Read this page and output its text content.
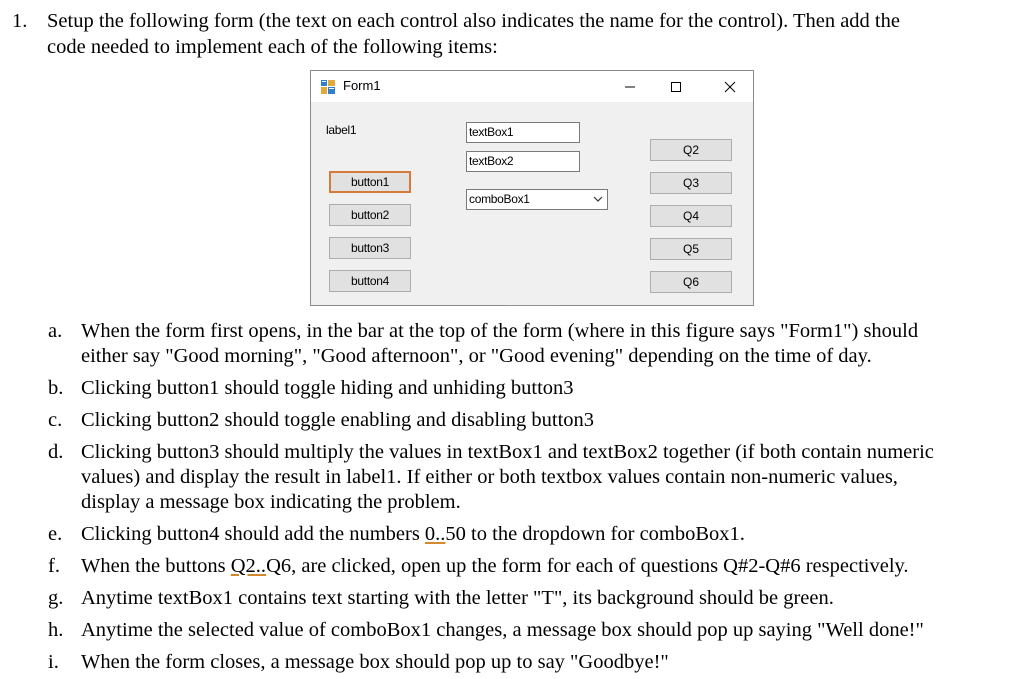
1. Setup the following form (the text on each control also indicates the name for the control). Then add the
code needed to implement each of the following items:
Form1
label1
button1
button2
button3
button4
textBox1
textBox2
comboBox1
Q2
Q3
Q4
Q5
Q6
a. When the form first opens, in the bar at the top of the form (where in this figure says "Form1") should
either say "Good morning", "Good afternoon", or "Good evening" depending on the time of day.
b. Clicking button1 should toggle hiding and unhiding button3
c. Clicking button2 should toggle enabling and disabling button3
d. Clicking button3 should multiply the values in textBox1 and textBox2 together (if both contain numeric
values) and display the result in label1. If either or both textbox values contain non-numeric values,
display a message box indicating the problem.
e. Clicking button4 should add the numbers 0..50 to the dropdown for comboBox1.
f. When the buttons Q2..Q6, are clicked, open up the form for each of questions Q#2-Q#6 respectively.
g. Anytime textBox1 contains text starting with the letter "T", its background should be green.
h. Anytime the selected value of comboBox1 changes, a message box should pop up saying "Well done!"
i. When the form closes, a message box should pop up to say "Goodbye!"
